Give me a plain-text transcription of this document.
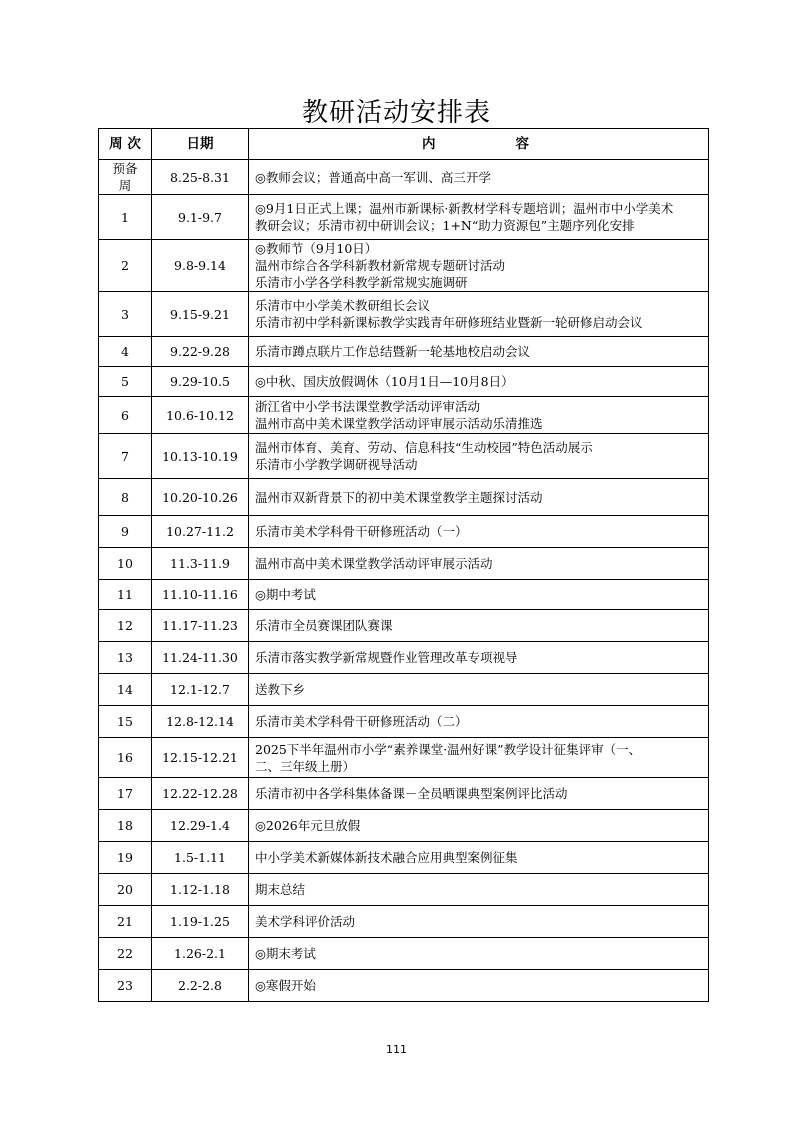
教研活动安排表
周 次	日期	内容
预备周	8.25-8.31	◎教师会议；普通高中高一军训、高三开学

1	9.1-9.7	◎9月1日正式上课；温州市新课标·新教材学科专题培训；温州市中小学美术
教研会议；乐清市初中研训会议；1+N“助力资源包”主题序列化安排

2	9.8-9.14	◎教师节（9月10日）
温州市综合各学科新教材新常规专题研讨活动
乐清市小学各学科教学新常规实施调研

3	9.15-9.21	乐清市中小学美术教研组长会议
乐清市初中学科新课标教学实践青年研修班结业暨新一轮研修启动会议

4	9.22-9.28	乐清市蹲点联片工作总结暨新一轮基地校启动会议

5	9.29-10.5	◎中秋、国庆放假调休（10月1日—10月8日）

6	10.6-10.12	浙江省中小学书法课堂教学活动评审活动
温州市高中美术课堂教学活动评审展示活动乐清推选

7	10.13-10.19	温州市体育、美育、劳动、信息科技“生动校园”特色活动展示
乐清市小学教学调研视导活动

8	10.20-10.26	温州市双新背景下的初中美术课堂教学主题探讨活动

9	10.27-11.2	乐清市美术学科骨干研修班活动（一）

10	11.3-11.9	温州市高中美术课堂教学活动评审展示活动

11	11.10-11.16	◎期中考试

12	11.17-11.23	乐清市全员赛课团队赛课

13	11.24-11.30	乐清市落实教学新常规暨作业管理改革专项视导

14	12.1-12.7	送教下乡

15	12.8-12.14	乐清市美术学科骨干研修班活动（二）

16	12.15-12.21	2025下半年温州市小学“素养课堂·温州好课”教学设计征集评审（一、
二、三年级上册）

17	12.22-12.28	乐清市初中各学科集体备课－全员晒课典型案例评比活动

18	12.29-1.4	◎2026年元旦放假

19	1.5-1.11	中小学美术新媒体新技术融合应用典型案例征集

20	1.12-1.18	期末总结

21	1.19-1.25	美术学科评价活动

22	1.26-2.1	◎期末考试

23	2.2-2.8	◎寒假开始
111
